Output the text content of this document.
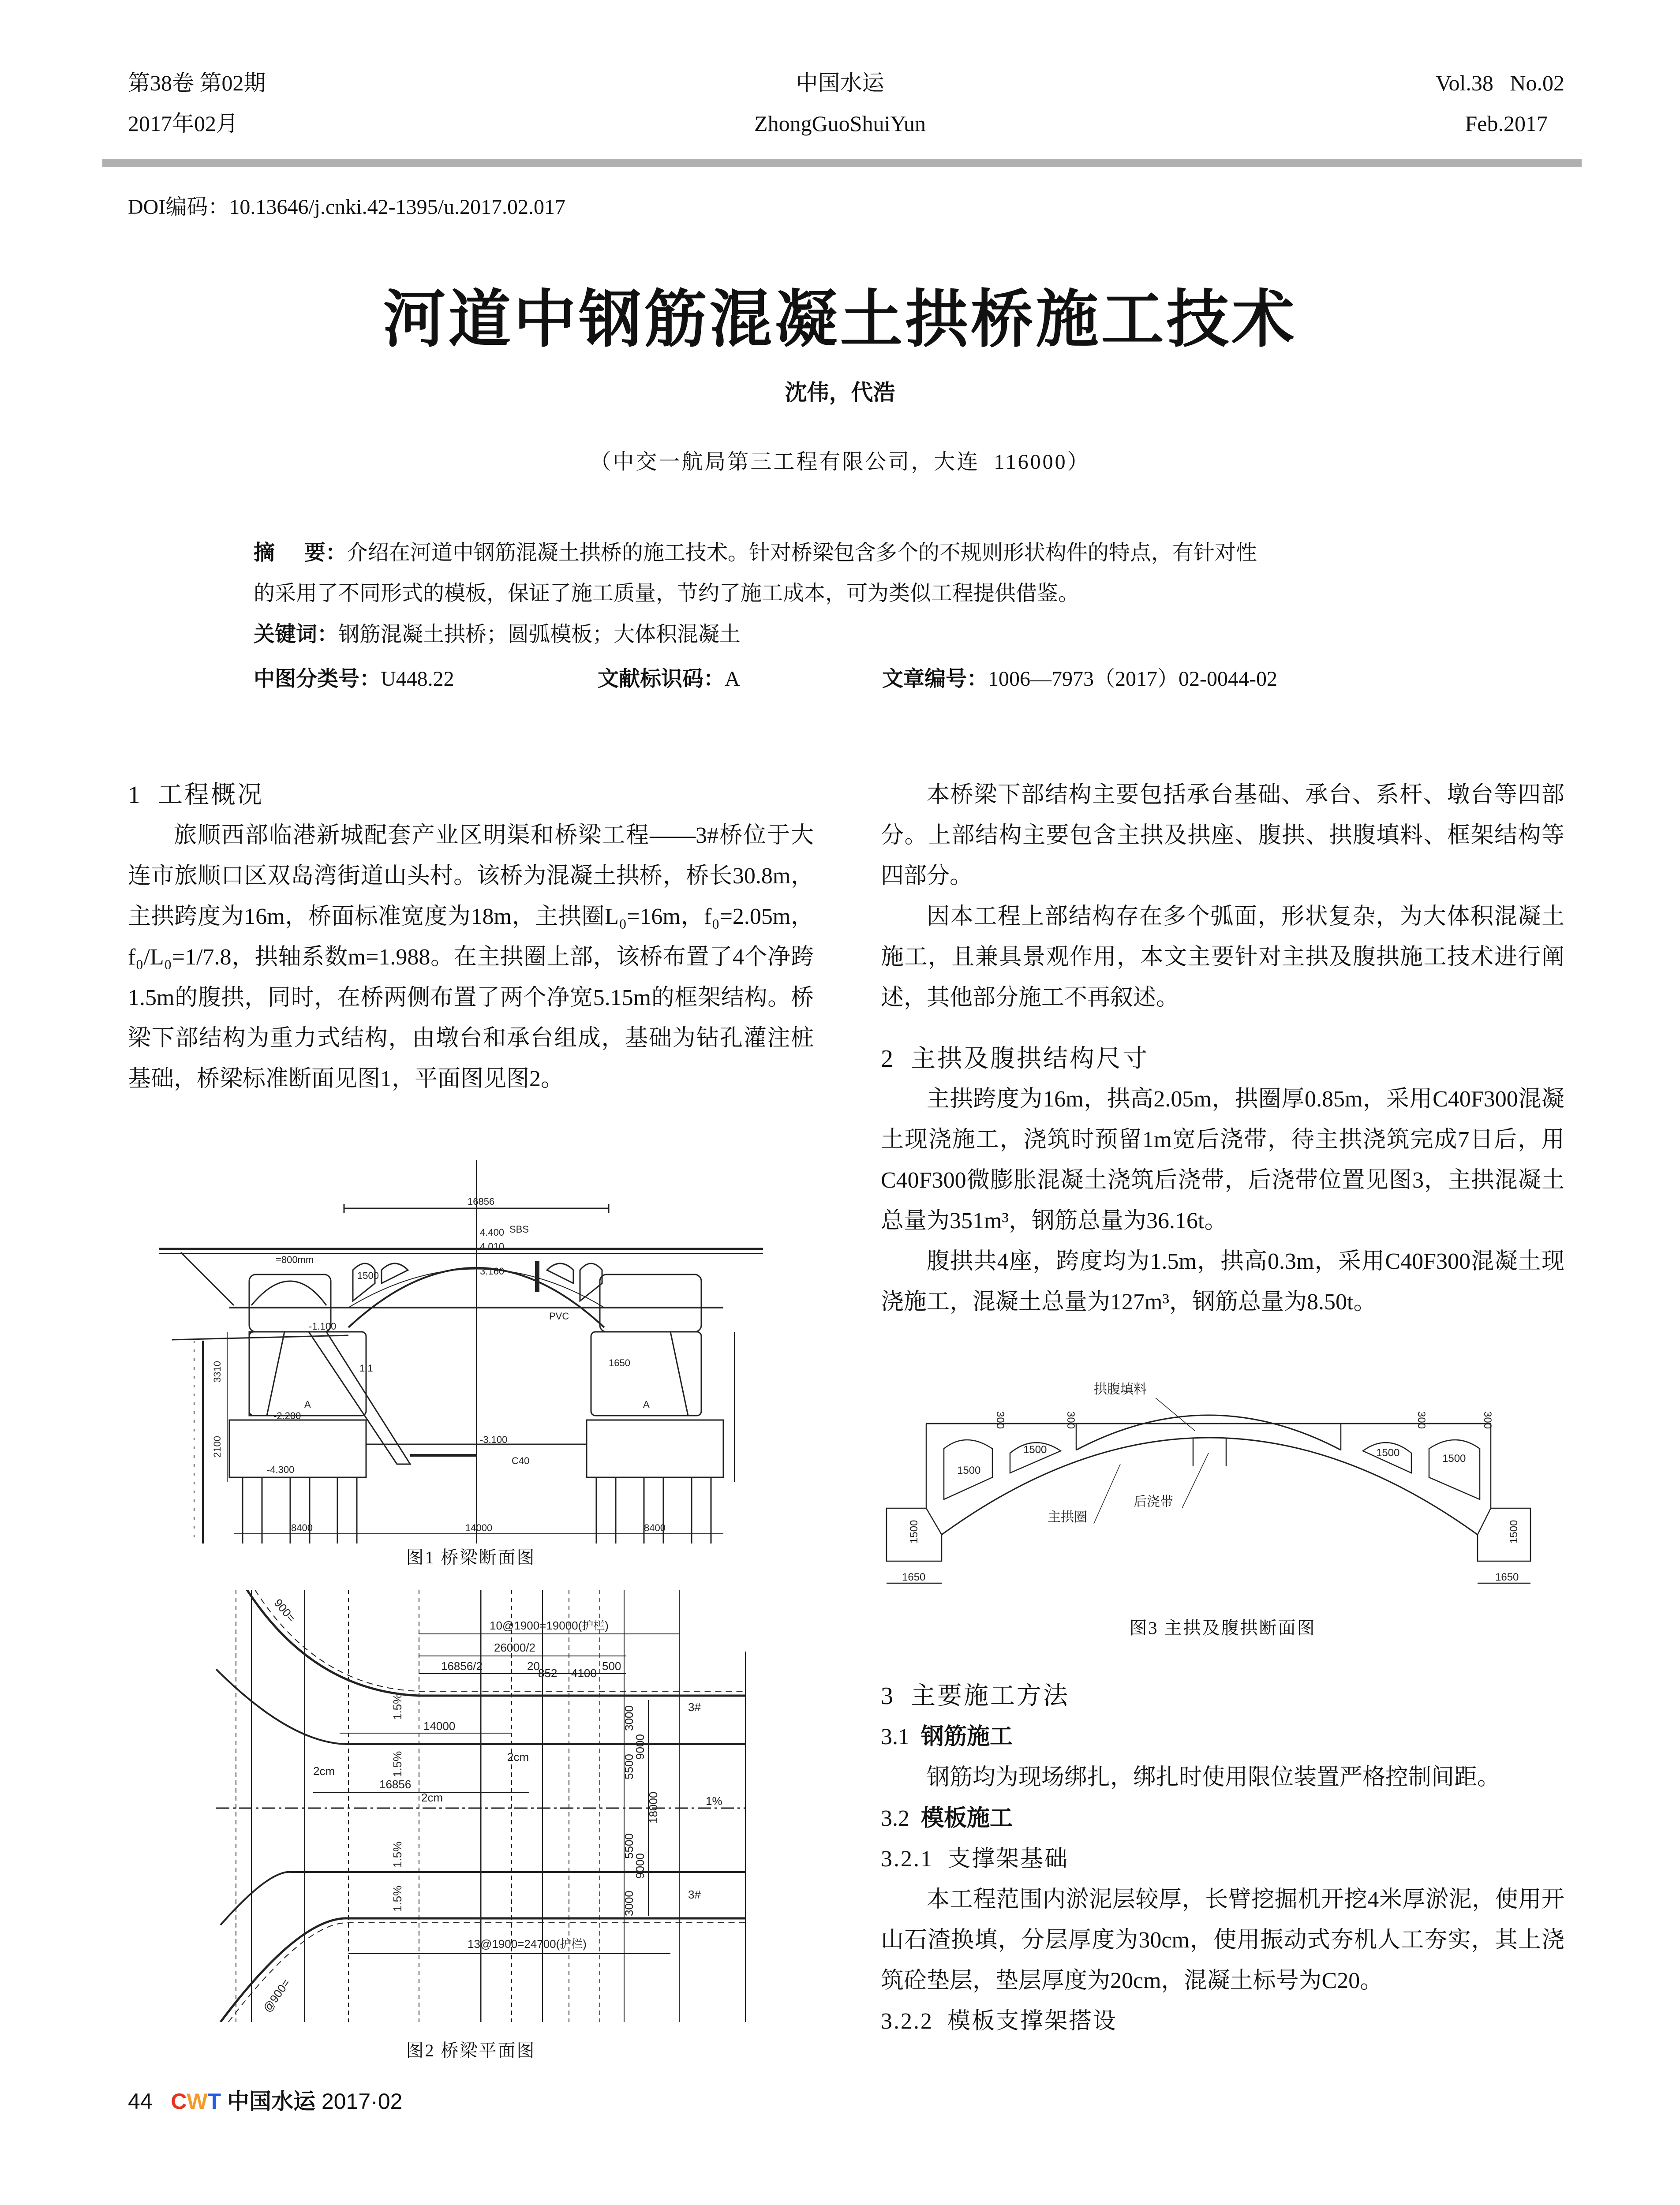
第38卷 第02期
2017年02月
中国水运
ZhongGuoShuiYun
Vol.38   No.02
Feb.2017
DOI编码：10.13646/j.cnki.42-1395/u.2017.02.017
河道中钢筋混凝土拱桥施工技术
沈伟，代浩
（中交一航局第三工程有限公司，大连  116000）
摘    要：介绍在河道中钢筋混凝土拱桥的施工技术。针对桥梁包含多个的不规则形状构件的特点，有针对性
的采用了不同形式的模板，保证了施工质量，节约了施工成本，可为类似工程提供借鉴。
关键词：钢筋混凝土拱桥；圆弧模板；大体积混凝土
中图分类号：U448.22	文献标识码：A	文章编号：1006—7973（2017）02-0044-02
1  工程概况

旅顺西部临港新城配套产业区明渠和桥梁工程——3#桥位于大连市旅顺口区双岛湾街道山头村。该桥为混凝土拱桥，桥长30.8m，主拱跨度为16m，桥面标准宽度为18m，主拱圈L₀=16m，f₀=2.05m，f₀/L₀=1/7.8，拱轴系数m=1.988。在主拱圈上部，该桥布置了4个净跨1.5m的腹拱，同时，在桥两侧布置了两个净宽5.15m的框架结构。桥梁下部结构为重力式结构，由墩台和承台组成，基础为钻孔灌注桩基础，桥梁标准断面见图1，平面图见图2。

16856
4.400
4.010
3.160
-3.100
-2.200
-4.300
-1.100
3310
2100
8400	14000	8400
1650
1500
C40
PVC
SBS
1:1
A	A
=800mm
图1 桥梁断面图
10@1900=19000(护栏)
26000/2
16856/2	20
852 4100
500
14000
2cm
2cm
2cm
16856
1.5%
1.5%
1.5%
1.5%
1%
3000
5500
9000
18000
5500
9000
3000
13@1900=24700(护栏)
900=
@900=
3#
3#
图2 桥梁平面图

本桥梁下部结构主要包括承台基础、承台、系杆、墩台等四部分。上部结构主要包含主拱及拱座、腹拱、拱腹填料、框架结构等四部分。

因本工程上部结构存在多个弧面，形状复杂，为大体积混凝土施工，且兼具景观作用，本文主要针对主拱及腹拱施工技术进行阐述，其他部分施工不再叙述。

2  主拱及腹拱结构尺寸

主拱跨度为16m，拱高2.05m，拱圈厚0.85m，采用C40F300混凝土现浇施工，浇筑时预留1m宽后浇带，待主拱浇筑完成7日后，用C40F300微膨胀混凝土浇筑后浇带，后浇带位置见图3，主拱混凝土总量为351m³，钢筋总量为36.16t。

腹拱共4座，跨度均为1.5m，拱高0.3m，采用C40F300混凝土现浇施工，混凝土总量为127m³，钢筋总量为8.50t。

拱腹填料
主拱圈
后浇带
1500
1500	1500	1500
300	300	300	300
1500	1500
1650	1650
图3 主拱及腹拱断面图
3  主要施工方法
3.1 钢筋施工

钢筋均为现场绑扎，绑扎时使用限位装置严格控制间距。

3.2 模板施工
3.2.1  支撑架基础

本工程范围内淤泥层较厚，长臂挖掘机开挖4米厚淤泥，使用开山石渣换填，分层厚度为30cm，使用振动式夯机人工夯实，其上浇筑砼垫层，垫层厚度为20cm，混凝土标号为C20。

3.2.2  模板支撑架搭设
44 CWT 中国水运 2017·02
